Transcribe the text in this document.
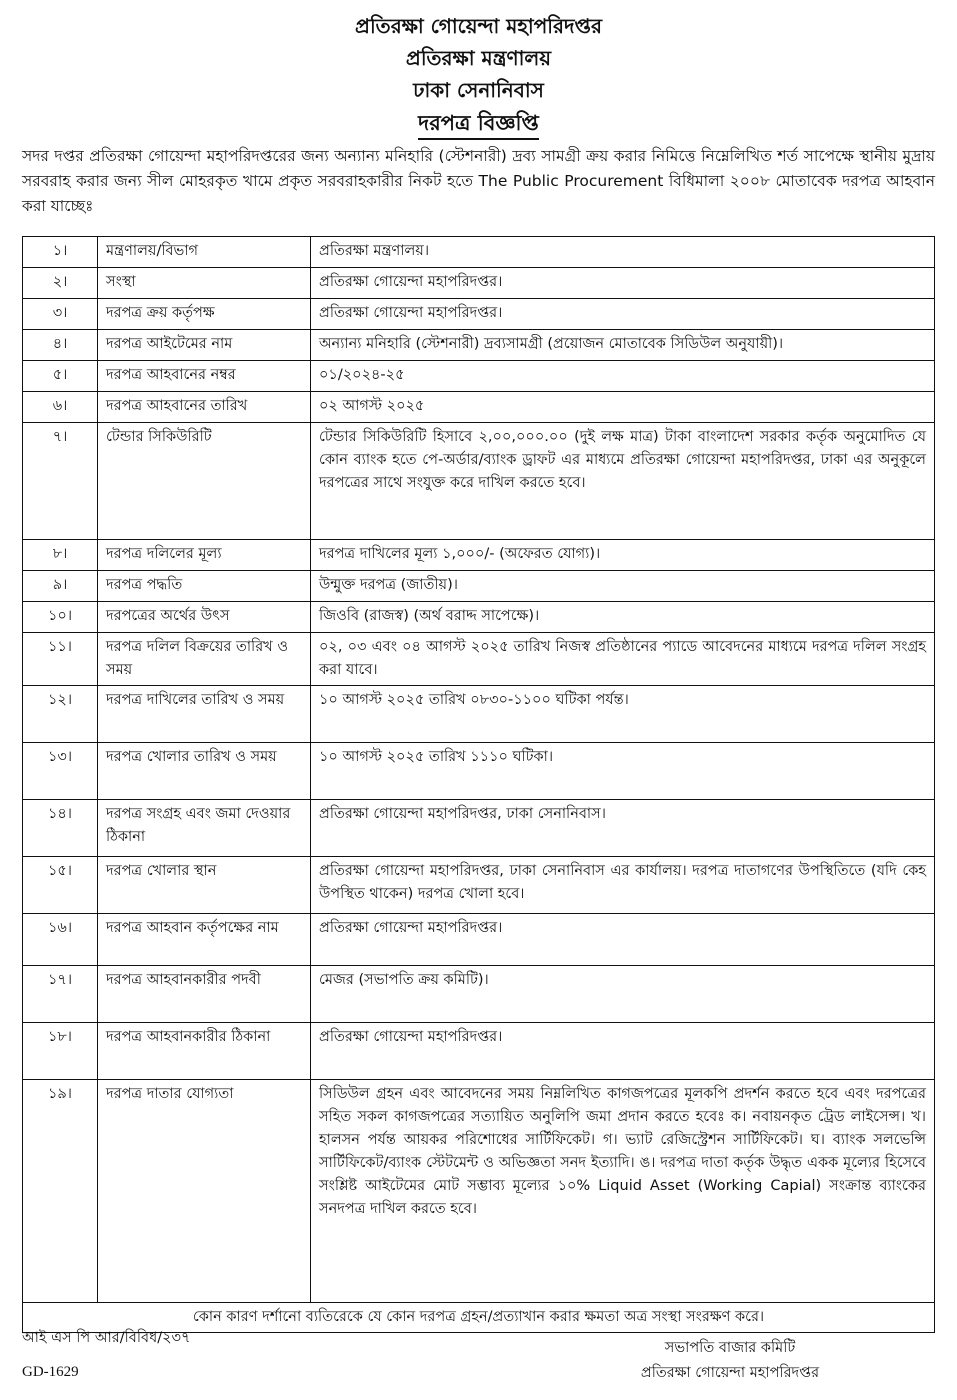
প্রতিরক্ষা গোয়েন্দা মহাপরিদপ্তর
প্রতিরক্ষা মন্ত্রণালয়
ঢাকা সেনানিবাস
দরপত্র বিজ্ঞপ্তি

সদর দপ্তর প্রতিরক্ষা গোয়েন্দা মহাপরিদপ্তরের জন্য অন্যান্য মনিহারি (স্টেশনারী) দ্রব্য সামগ্রী ক্রয় করার নিমিত্তে নিম্নেলিখিত শর্ত সাপেক্ষে স্থানীয় মুদ্রায় সরবরাহ করার জন্য সীল মোহরকৃত খামে প্রকৃত সরবরাহকারীর নিকট হতে The Public Procurement বিধিমালা ২০০৮ মোতাবেক দরপত্র আহবান করা যাচ্ছেঃ

১।	মন্ত্রণালয়/বিভাগ	প্রতিরক্ষা মন্ত্রণালয়।
২।	সংস্থা	প্রতিরক্ষা গোয়েন্দা মহাপরিদপ্তর।
৩।	দরপত্র ক্রয় কর্তৃপক্ষ	প্রতিরক্ষা গোয়েন্দা মহাপরিদপ্তর।
৪।	দরপত্র আইটেমের নাম	অন্যান্য মনিহারি (স্টেশনারী) দ্রব্যসামগ্রী (প্রয়োজন মোতাবেক সিডিউল অনুযায়ী)।
৫।	দরপত্র আহবানের নম্বর	০১/২০২৪-২৫
৬।	দরপত্র আহবানের তারিখ	০২ আগস্ট ২০২৫
৭।	টেন্ডার সিকিউরিটি	টেন্ডার সিকিউরিটি হিসাবে ২,০০,০০০.০০ (দুই লক্ষ মাত্র) টাকা বাংলাদেশ সরকার কর্তৃক অনুমোদিত যে কোন ব্যাংক হতে পে-অর্ডার/ব্যাংক ড্রাফট এর মাধ্যমে প্রতিরক্ষা গোয়েন্দা মহাপরিদপ্তর, ঢাকা এর অনুকূলে দরপত্রের সাথে সংযুক্ত করে দাখিল করতে হবে।
৮।	দরপত্র দলিলের মূল্য	দরপত্র দাখিলের মূল্য ১,০০০/- (অফেরত যোগ্য)।
৯।	দরপত্র পদ্ধতি	উন্মুক্ত দরপত্র (জাতীয়)।
১০।	দরপত্রের অর্থের উৎস	জিওবি (রাজস্ব) (অর্থ বরাদ্দ সাপেক্ষে)।
১১।	দরপত্র দলিল বিক্রয়ের তারিখ ও সময়	০২, ০৩ এবং ০৪ আগস্ট ২০২৫ তারিখ নিজস্ব প্রতিষ্ঠানের প্যাডে আবেদনের মাধ্যমে দরপত্র দলিল সংগ্রহ করা যাবে।
১২।	দরপত্র দাখিলের তারিখ ও সময়	১০ আগস্ট ২০২৫ তারিখ ০৮৩০-১১০০ ঘটিকা পর্যন্ত।
১৩।	দরপত্র খোলার তারিখ ও সময়	১০ আগস্ট ২০২৫ তারিখ ১১১০ ঘটিকা।
১৪।	দরপত্র সংগ্রহ এবং জমা দেওয়ার ঠিকানা	প্রতিরক্ষা গোয়েন্দা মহাপরিদপ্তর, ঢাকা সেনানিবাস।
১৫।	দরপত্র খোলার স্থান	প্রতিরক্ষা গোয়েন্দা মহাপরিদপ্তর, ঢাকা সেনানিবাস এর কার্যালয়। দরপত্র দাতাগণের উপস্থিতিতে (যদি কেহ উপস্থিত থাকেন) দরপত্র খোলা হবে।
১৬।	দরপত্র আহবান কর্তৃপক্ষের নাম	প্রতিরক্ষা গোয়েন্দা মহাপরিদপ্তর।
১৭।	দরপত্র আহবানকারীর পদবী	মেজর (সভাপতি ক্রয় কমিটি)।
১৮।	দরপত্র আহবানকারীর ঠিকানা	প্রতিরক্ষা গোয়েন্দা মহাপরিদপ্তর।
১৯।	দরপত্র দাতার যোগ্যতা	সিডিউল গ্রহন এবং আবেদনের সময় নিম্নলিখিত কাগজপত্রের মূলকপি প্রদর্শন করতে হবে এবং দরপত্রের সহিত সকল কাগজপত্রের সত্যায়িত অনুলিপি জমা প্রদান করতে হবেঃ ক। নবায়নকৃত ট্রেড লাইসেন্স। খ। হালসন পর্যন্ত আয়কর পরিশোধের সার্টিফিকেট। গ। ভ্যাট রেজিস্ট্রেশন সার্টিফিকেট। ঘ। ব্যাংক সলভেন্সি সার্টিফিকেট/ব্যাংক স্টেটমেন্ট ও অভিজ্ঞতা সনদ ইত্যাদি। ঙ। দরপত্র দাতা কর্তৃক উদ্ধৃত একক মূল্যের হিসেবে সংশ্লিষ্ট আইটেমের মোট সম্ভাব্য মূল্যের ১০% Liquid Asset (Working Capial) সংক্রান্ত ব্যাংকের সনদপত্র দাখিল করতে হবে।
কোন কারণ দর্শানো ব্যতিরেকে যে কোন দরপত্র গ্রহন/প্রত্যাখান করার ক্ষমতা অত্র সংস্থা সংরক্ষণ করে।		
আই এস পি আর/বিবিধ/২৩৭
GD-1629
সভাপতি বাজার কমিটি
প্রতিরক্ষা গোয়েন্দা মহাপরিদপ্তর
